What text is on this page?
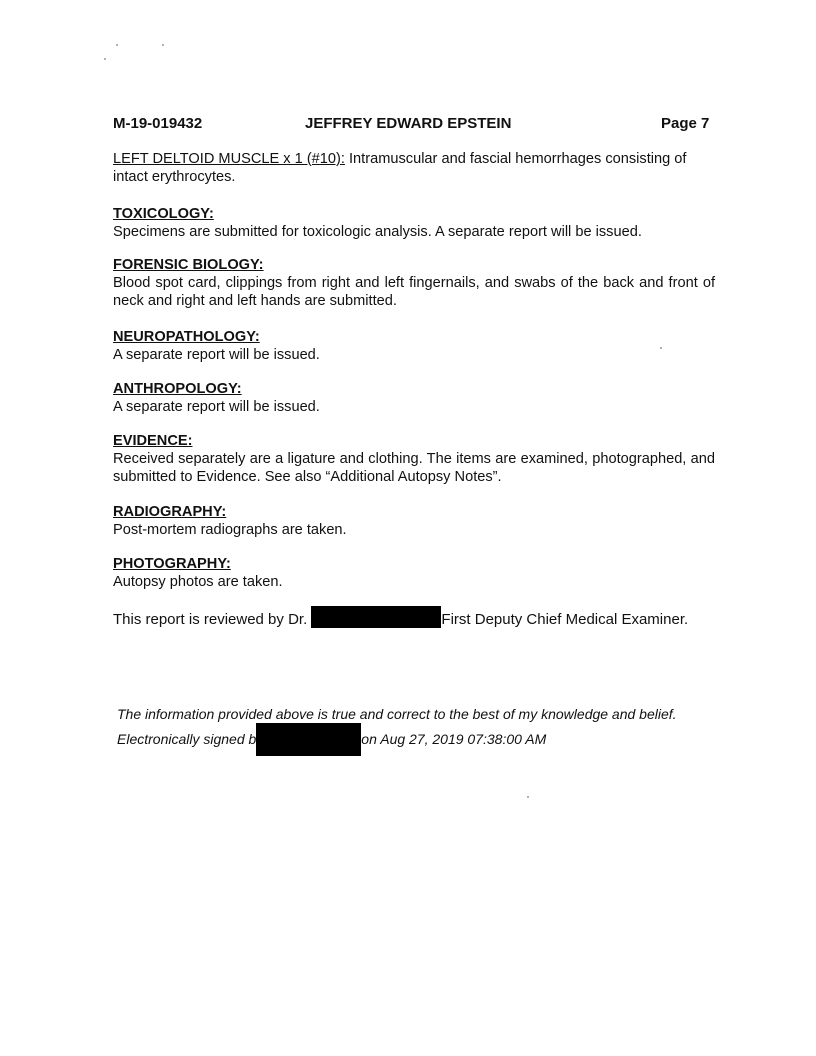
M-19-019432	JEFFREY EDWARD EPSTEIN	Page 7
LEFT DELTOID MUSCLE x 1 (#10): Intramuscular and fascial hemorrhages consisting of intact erythrocytes.
TOXICOLOGY:
Specimens are submitted for toxicologic analysis. A separate report will be issued.
FORENSIC BIOLOGY:
Blood spot card, clippings from right and left fingernails, and swabs of the back and front of neck and right and left hands are submitted.
NEUROPATHOLOGY:
A separate report will be issued.
ANTHROPOLOGY:
A separate report will be issued.
EVIDENCE:
Received separately are a ligature and clothing. The items are examined, photographed, and submitted to Evidence. See also “Additional Autopsy Notes”.
RADIOGRAPHY:
Post-mortem radiographs are taken.
PHOTOGRAPHY:
Autopsy photos are taken.
This report is reviewed by Dr.	First Deputy Chief Medical Examiner.
The information provided above is true and correct to the best of my knowledge and belief.
Electronically signed b	on Aug 27, 2019 07:38:00 AM
